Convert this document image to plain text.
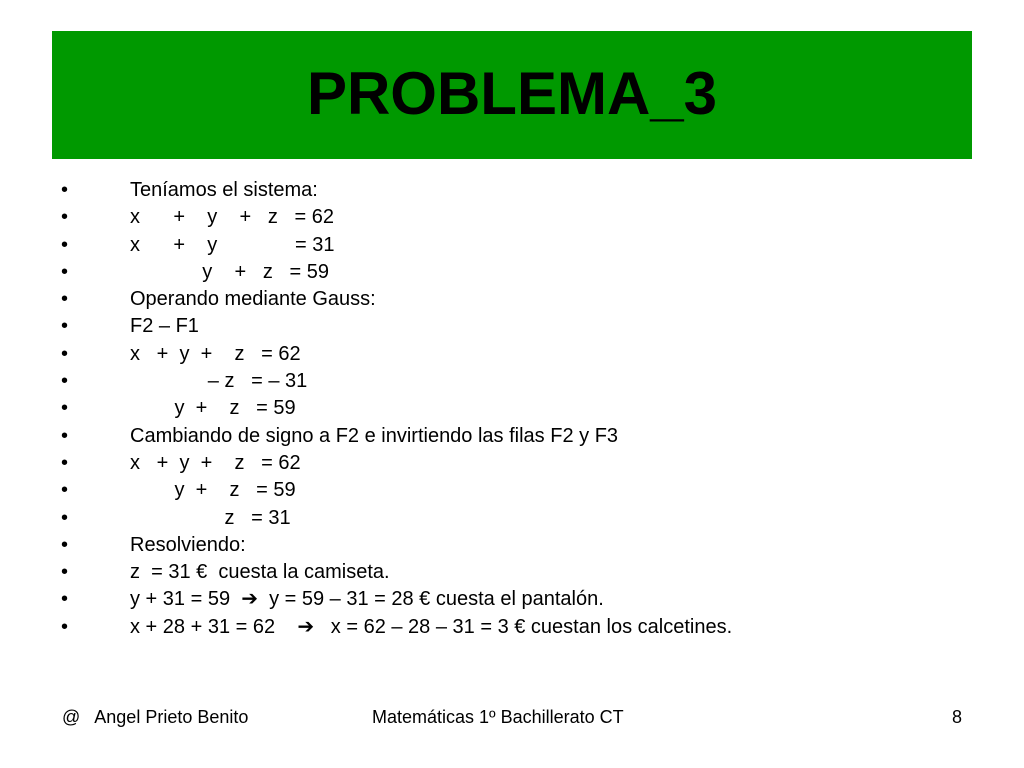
PROBLEMA_3
•	Teníamos el sistema:
•	x      +    y    +   z   = 62
•	x      +    y              = 31
•	y    +   z   = 59
•	Operando mediante Gauss:
•	F2 – F1
•	x   +  y  +    z   = 62
•	– z   = – 31
•	y  +    z   = 59
•	Cambiando de signo a F2 e invirtiendo las filas F2 y F3
•	x   +  y  +    z   = 62
•	y  +    z   = 59
•	z   = 31
•	Resolviendo:
•	z  = 31 €  cuesta la camiseta.
•	y + 31 = 59  ➔  y = 59 – 31 = 28 € cuesta el pantalón.
•	x + 28 + 31 = 62    ➔   x = 62 – 28 – 31 = 3 € cuestan los calcetines.
@   Angel Prieto Benito	Matemáticas 1º Bachillerato CT	8
